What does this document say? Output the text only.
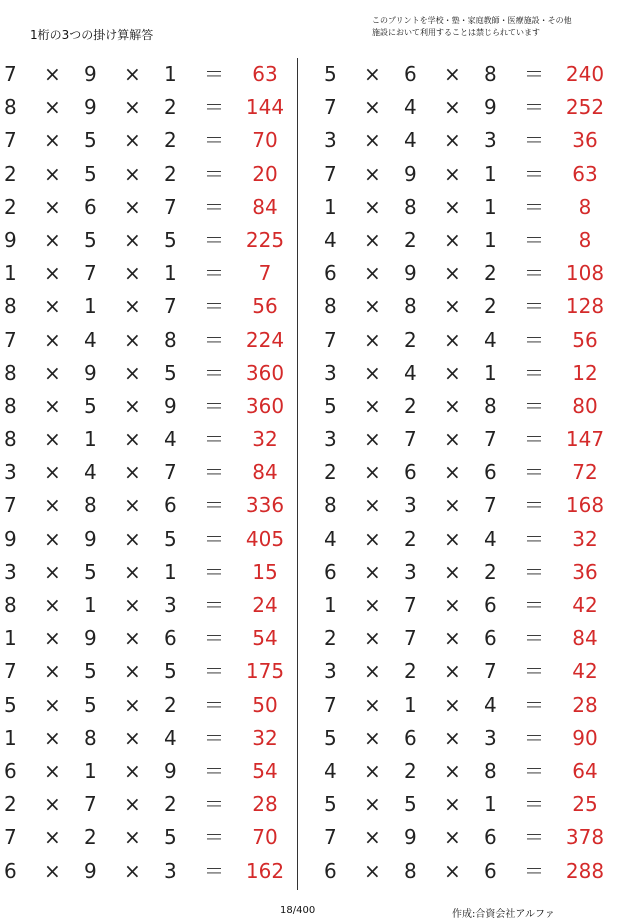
1桁の3つの掛け算解答
このプリントを学校・塾・家庭教師・医療施設・その他
施設において利用することは禁じられています
7 × 9 × 1 ＝	63
8 × 9 × 2 ＝	144
7 × 5 × 2 ＝	70
2 × 5 × 2 ＝	20
2 × 6 × 7 ＝	84
9 × 5 × 5 ＝	225
1 × 7 × 1 ＝	7
8 × 1 × 7 ＝	56
7 × 4 × 8 ＝	224
8 × 9 × 5 ＝	360
8 × 5 × 9 ＝	360
8 × 1 × 4 ＝	32
3 × 4 × 7 ＝	84
7 × 8 × 6 ＝	336
9 × 9 × 5 ＝	405
3 × 5 × 1 ＝	15
8 × 1 × 3 ＝	24
1 × 9 × 6 ＝	54
7 × 5 × 5 ＝	175
5 × 5 × 2 ＝	50
1 × 8 × 4 ＝	32
6 × 1 × 9 ＝	54
2 × 7 × 2 ＝	28
7 × 2 × 5 ＝	70
6 × 9 × 3 ＝	162
5 × 6 × 8 ＝	240
7 × 4 × 9 ＝	252
3 × 4 × 3 ＝	36
7 × 9 × 1 ＝	63
1 × 8 × 1 ＝	8
4 × 2 × 1 ＝	8
6 × 9 × 2 ＝	108
8 × 8 × 2 ＝	128
7 × 2 × 4 ＝	56
3 × 4 × 1 ＝	12
5 × 2 × 8 ＝	80
3 × 7 × 7 ＝	147
2 × 6 × 6 ＝	72
8 × 3 × 7 ＝	168
4 × 2 × 4 ＝	32
6 × 3 × 2 ＝	36
1 × 7 × 6 ＝	42
2 × 7 × 6 ＝	84
3 × 2 × 7 ＝	42
7 × 1 × 4 ＝	28
5 × 6 × 3 ＝	90
4 × 2 × 8 ＝	64
5 × 5 × 1 ＝	25
7 × 9 × 6 ＝	378
6 × 8 × 6 ＝	288
18/400	作成:合資会社アルファ
